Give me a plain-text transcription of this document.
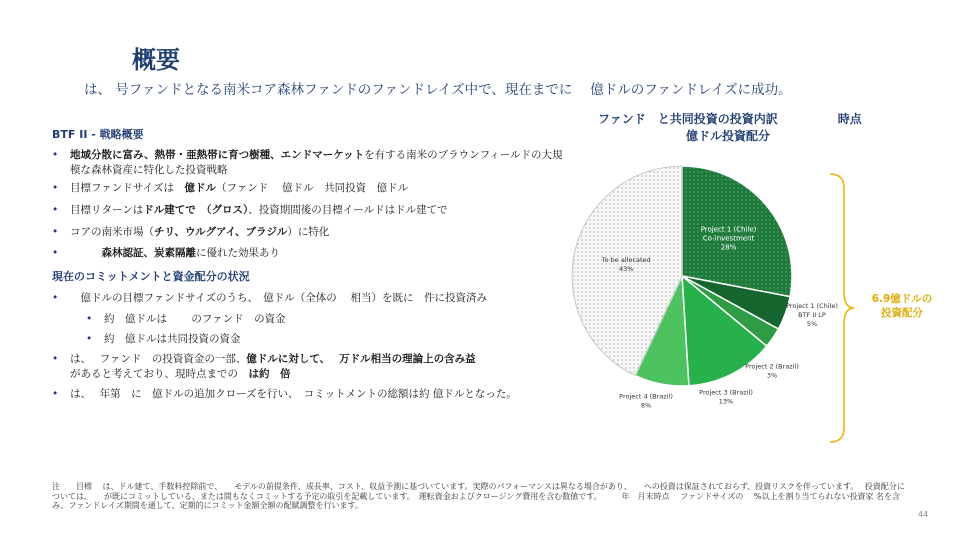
概要
は、 号ファンドとなる南米コア森林ファンドのファンドレイズ中で、現在までに　 億ドルのファンドレイズに成功。
BTF II - 戦略概要
• 地域分散に富み、熱帯・亜熱帯に育つ樹種、エンドマーケットを有する南米のブラウンフィールドの大規
模な森林資産に特化した投資戦略
• 目標ファンドサイズは　億ドル（ファンド　 億ドル　共同投資　億ドル
• 目標リターンはドル建てで　（グロス）、投資期間後の目標イールドはドル建てで
• コアの南米市場（チリ、ウルグアイ、ブラジル）に特化
•　　　	森林認証、炭素隔離に優れた効果あり
現在のコミットメントと資金配分の状況
•　億ドルの目標ファンドサイズのうち、　億ドル（全体の　 相当）を既に　件に投資済み
• 約　億ドルは　　 のファンド　の資金
• 約　億ドルは共同投資の資金
• は、　 ファンド　の投資資金の一部、億ドルに対して、　 万ドル相当の理論上の含み益
があると考えており、現時点までの　は約　倍
• は、　 年第　に　億ドルの追加クローズを行い、　コミットメントの総額は約 億ドルとなった。
ファンド　と共同投資の投資内訳　　　　　時点
億ドル投資配分
Project 1 (Chile)
Co-investment
28%
Project 1 (Chile)
BTF II LP
5%
Project 2 (Brazil)
3%
Project 3 (Brazil)
13%
Project 4 (Brazil)
8%
To be allocated
43%
6.9億ドルの
投資配分
注　　目標　 は、ドル建て、手数料控除前で、　　モデルの前提条件、成長率、コスト、収益予測に基づいています。実際のパフォーマンスは異なる場合があり、　　への投資は保証されておらず、投資リスクを伴っています。　 投資配分については、　　が既にコミットしている、または間もなくコミットする予定の取引を記載しています。　運転資金およびクロージング費用を含む数値です。　　　年　月末時点　 ファンドサイズの　 %以上を割り当てられない投資家 名を含み、ファンドレイズ期間を通して、定期的にコミット金額全額の配賦調整を行います。
44
